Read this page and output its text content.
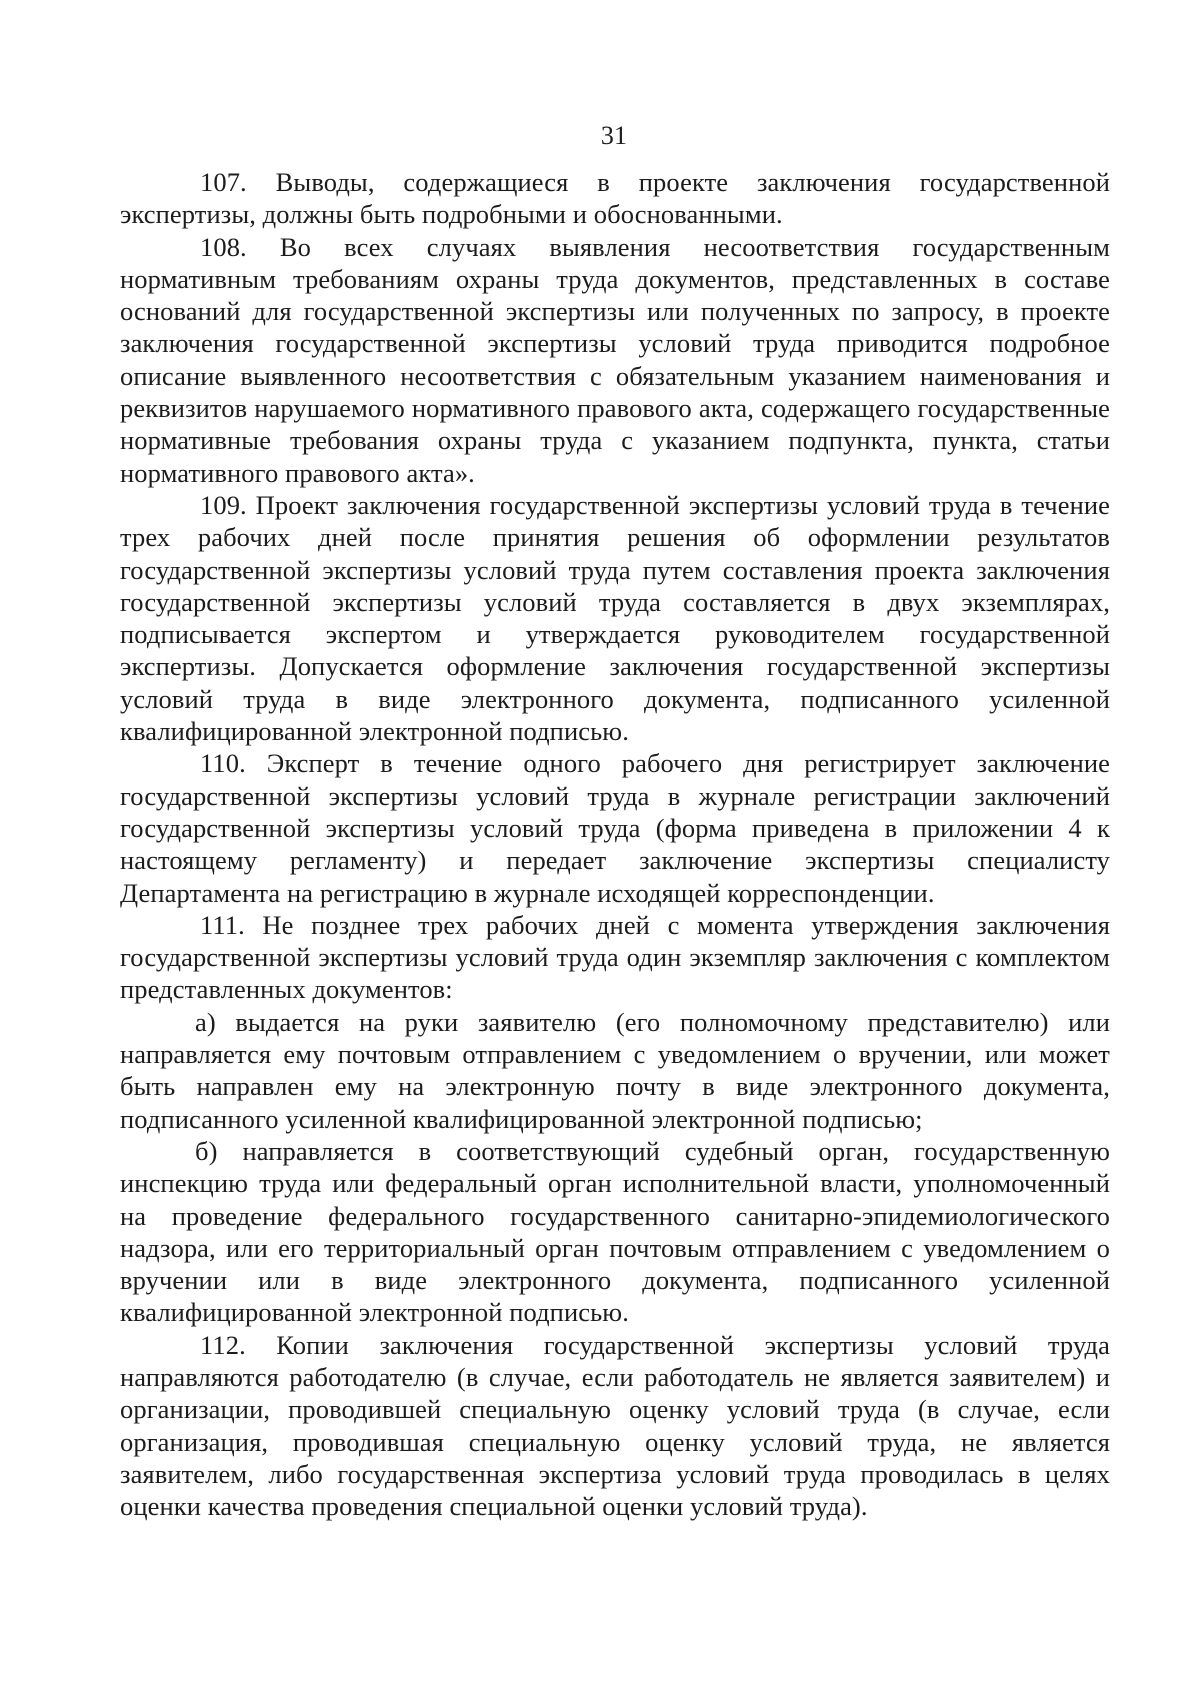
31

107. Выводы, содержащиеся в проекте заключения государственной экспертизы, должны быть подробными и обоснованными.

108. Во всех случаях выявления несоответствия государственным нормативным требованиям охраны труда документов, представленных в составе оснований для государственной экспертизы или полученных по запросу, в проекте заключения государственной экспертизы условий труда приводится подробное описание выявленного несоответствия с обязательным указанием наименования и реквизитов нарушаемого нормативного правового акта, содержащего государственные нормативные требования охраны труда с указанием подпункта, пункта, статьи нормативного правового акта».

109. Проект заключения государственной экспертизы условий труда в течение трех рабочих дней после принятия решения об оформлении результатов государственной экспертизы условий труда путем составления проекта заключения государственной экспертизы условий труда составляется в двух экземплярах, подписывается экспертом и утверждается руководителем государственной экспертизы. Допускается оформление заключения государственной экспертизы условий труда в виде электронного документа, подписанного усиленной квалифицированной электронной подписью.

110. Эксперт в течение одного рабочего дня регистрирует заключение государственной экспертизы условий труда в журнале регистрации заключений государственной экспертизы условий труда (форма приведена в приложении 4 к настоящему регламенту) и передает заключение экспертизы специалисту Департамента на регистрацию в журнале исходящей корреспонденции.

111. Не позднее трех рабочих дней с момента утверждения заключения государственной экспертизы условий труда один экземпляр заключения с комплектом представленных документов:

а) выдается на руки заявителю (его полномочному представителю) или направляется ему почтовым отправлением с уведомлением о вручении, или может быть направлен ему на электронную почту в виде электронного документа, подписанного усиленной квалифицированной электронной подписью;

б) направляется в соответствующий судебный орган, государственную инспекцию труда или федеральный орган исполнительной власти, уполномоченный на проведение федерального государственного санитарно-эпидемиологического надзора, или его территориальный орган почтовым отправлением с уведомлением о вручении или в виде электронного документа, подписанного усиленной квалифицированной электронной подписью.

112. Копии заключения государственной экспертизы условий труда направляются работодателю (в случае, если работодатель не является заявителем) и организации, проводившей специальную оценку условий труда (в случае, если организация, проводившая специальную оценку условий труда, не является заявителем, либо государственная экспертиза условий труда проводилась в целях оценки качества проведения специальной оценки условий труда).
